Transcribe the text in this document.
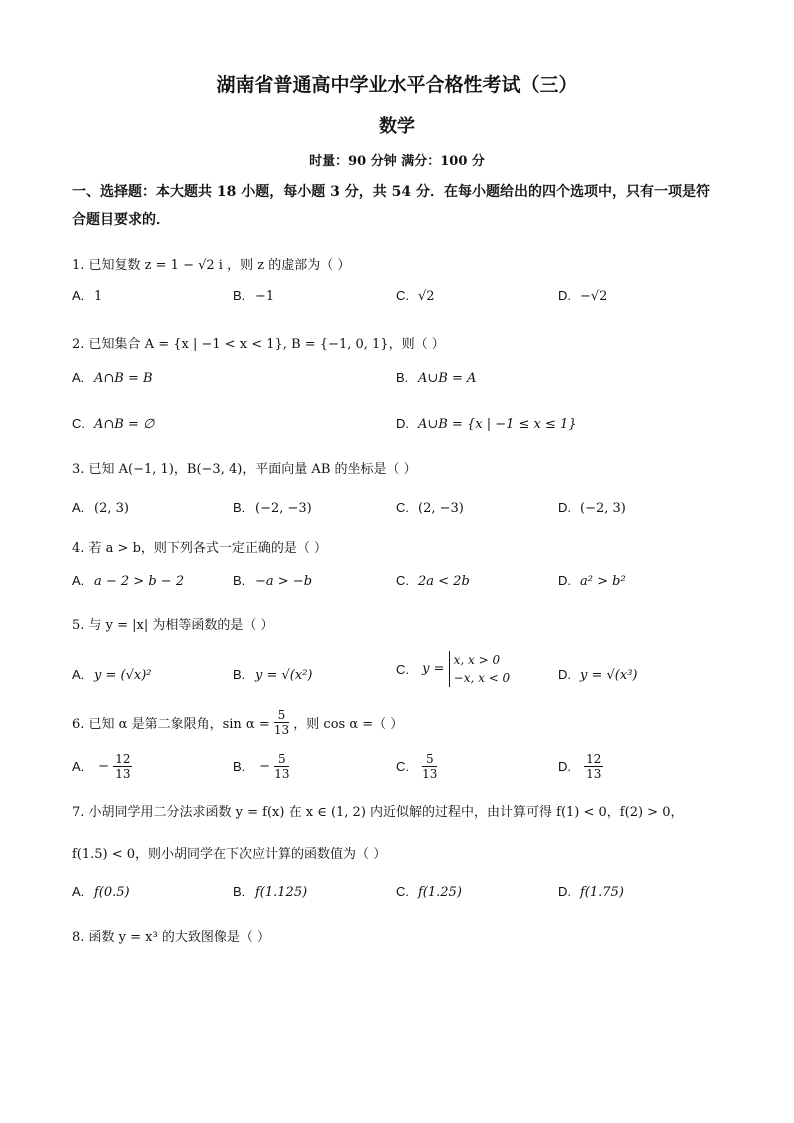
湖南省普通高中学业水平合格性考试（三）
数学
时量：90 分钟 满分：100 分
一、选择题：本大题共 18 小题，每小题 3 分，共 54 分．在每小题给出的四个选项中，只有一项是符合题目要求的．
1. 已知复数 z = 1 − √2 i ，则 z 的虚部为（ ）
A. 1	B. −1	C. √2	D. −√2
2. 已知集合 A = {x | −1 < x < 1}, B = {−1, 0, 1}，则（ ）
A. A∩B = B	B. A∪B = A
C. A∩B = ∅	D. A∪B = {x | −1 ≤ x ≤ 1}
3. 已知 A(−1, 1)，B(−3, 4)，平面向量 AB 的坐标是（ ）
A. (2, 3)	B. (−2, −3)	C. (2, −3)	D. (−2, 3)
4. 若 a > b，则下列各式一定正确的是（ ）
A. a − 2 > b − 2	B. −a > −b	C. 2a < 2b	D. a² > b²
5. 与 y = |x| 为相等函数的是（ ）
A. y = (√x)²	B. y = √(x²)	C. y =
x, x > 0
−x, x < 0	D. y = √(x³)
6. 已知 α 是第二象限角，$\sin \alpha = \frac{5}{13}$ ，则 cos α =（ ）
A. − $\frac{12}{13}$	B. − $\frac{5}{13}$	C. $\frac{5}{13}$	D. $\frac{12}{13}$
7. 小胡同学用二分法求函数 y = f(x) 在 x ∈ (1, 2) 内近似解的过程中，由计算可得 f(1) < 0，f(2) > 0，
f(1.5) < 0，则小胡同学在下次应计算的函数值为（ ）
A. f(0.5)	B. f(1.125)	C. f(1.25)	D. f(1.75)
8. 函数 y = x³ 的大致图像是（ ）
